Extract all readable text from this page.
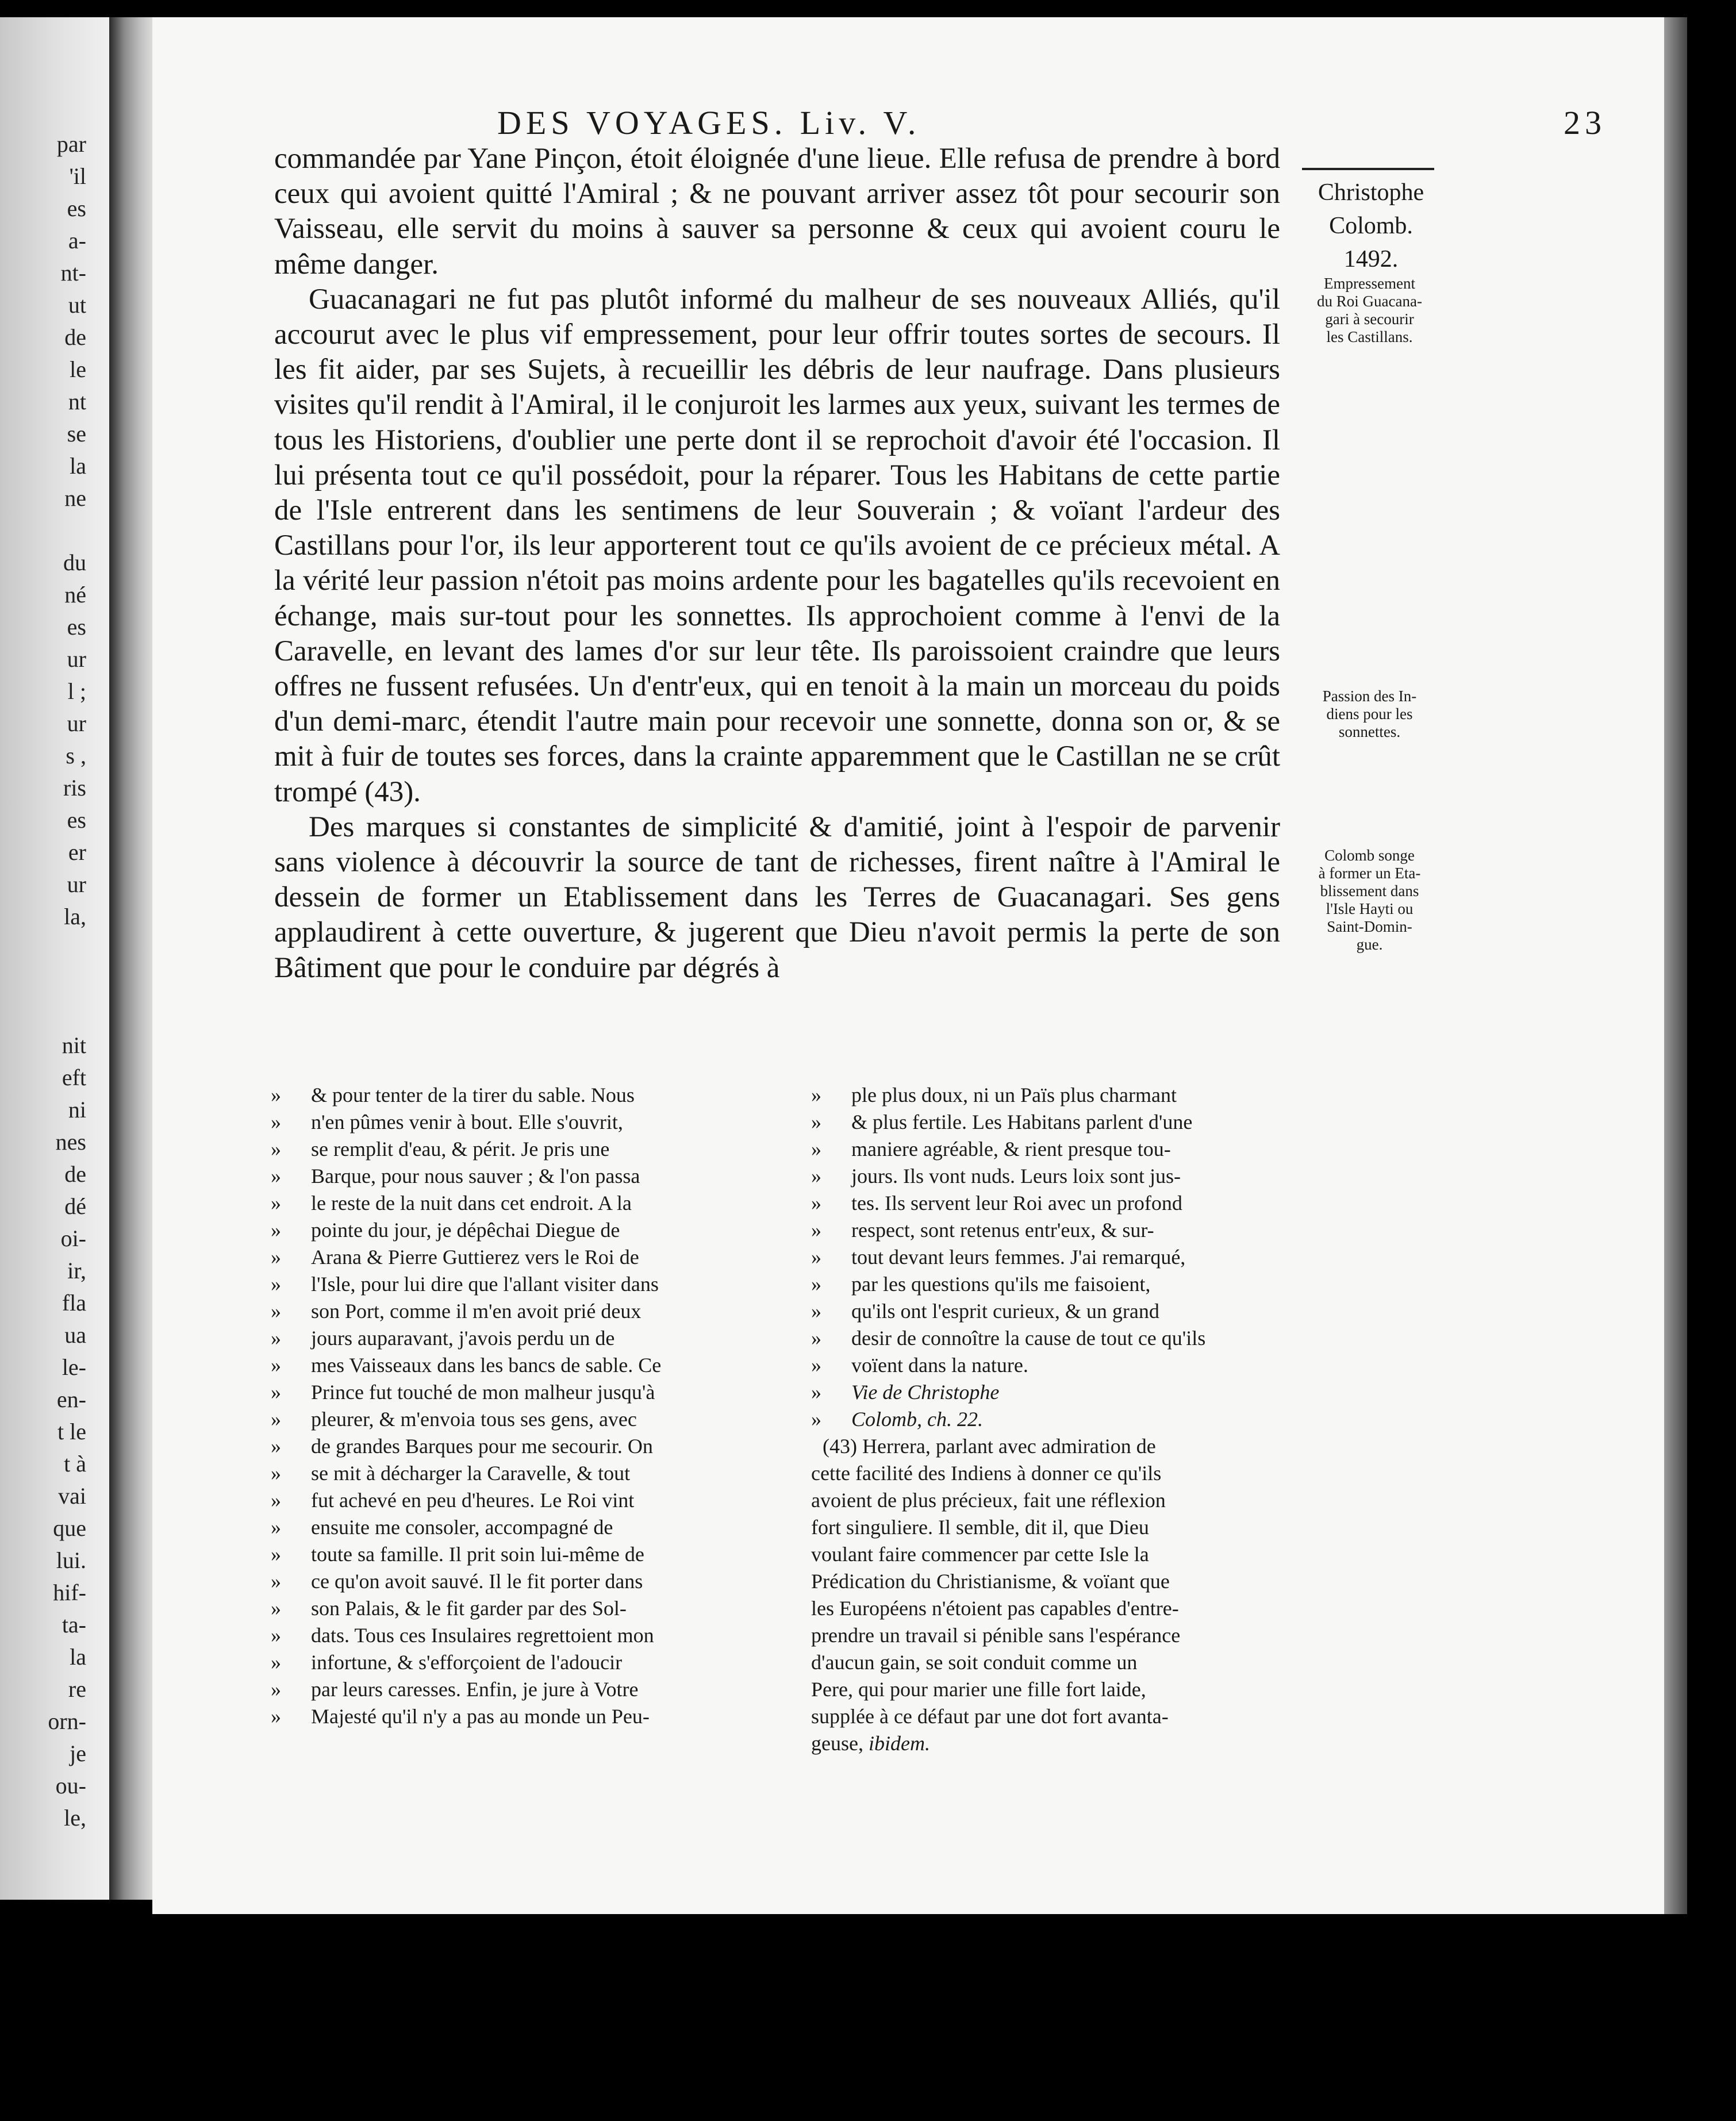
par
'il
es
a-
nt-
ut
de
le
nt
se
la
ne
du
né
es
ur
l ;
ur
s ,
ris
es
er
ur
la,
nit
eft
ni
nes
de
dé
oi-
ir,
fla
ua
le-
en-
t le
t à
vai
que
lui.
hif-
ta-
la
re
orn-
je
ou-
le,
DES VOYAGES. Liv. V.	23

commandée par Yane Pinçon, étoit éloignée d'une lieue. Elle refusa de prendre à bord ceux qui avoient quitté l'Amiral ; & ne pouvant arriver assez tôt pour secourir son Vaisseau, elle servit du moins à sauver sa personne & ceux qui avoient couru le même danger.

Guacanagari ne fut pas plutôt informé du malheur de ses nouveaux Alliés, qu'il accourut avec le plus vif empressement, pour leur offrir toutes sortes de secours. Il les fit aider, par ses Sujets, à recueillir les débris de leur naufrage. Dans plusieurs visites qu'il rendit à l'Amiral, il le conjuroit les larmes aux yeux, suivant les termes de tous les Historiens, d'oublier une perte dont il se reprochoit d'avoir été l'occasion. Il lui présenta tout ce qu'il possédoit, pour la réparer. Tous les Habitans de cette partie de l'Isle entrerent dans les sentimens de leur Souverain ; & voïant l'ardeur des Castillans pour l'or, ils leur apporterent tout ce qu'ils avoient de ce précieux métal. A la vérité leur passion n'étoit pas moins ardente pour les bagatelles qu'ils recevoient en échange, mais sur-tout pour les sonnettes. Ils approchoient comme à l'envi de la Caravelle, en levant des lames d'or sur leur tête. Ils paroissoient craindre que leurs offres ne fussent refusées. Un d'entr'eux, qui en tenoit à la main un morceau du poids d'un demi-marc, étendit l'autre main pour recevoir une sonnette, donna son or, & se mit à fuir de toutes ses forces, dans la crainte apparemment que le Castillan ne se crût trompé (43).

Des marques si constantes de simplicité & d'amitié, joint à l'espoir de parvenir sans violence à découvrir la source de tant de richesses, firent naître à l'Amiral le dessein de former un Etablissement dans les Terres de Guacanagari. Ses gens applaudirent à cette ouverture, & jugerent que Dieu n'avoit permis la perte de son Bâtiment que pour le conduire par dégrés à

Christophe
Colomb.
1492.
Empressement
du Roi Guacana-
gari à secourir
les Castillans.
Passion des In-
diens pour les
sonnettes.
Colomb songe
à former un Eta-
blissement dans
l'Isle Hayti ou
Saint-Domin-
gue.
»	& pour tenter de la tirer du sable. Nous
»	n'en pûmes venir à bout. Elle s'ouvrit,
»	se remplit d'eau, & périt. Je pris une
»	Barque, pour nous sauver ; & l'on passa
»	le reste de la nuit dans cet endroit. A la
»	pointe du jour, je dépêchai Diegue de
»	Arana & Pierre Guttierez vers le Roi de
»	l'Isle, pour lui dire que l'allant visiter dans
»	son Port, comme il m'en avoit prié deux
»	jours auparavant, j'avois perdu un de
»	mes Vaisseaux dans les bancs de sable. Ce
»	Prince fut touché de mon malheur jusqu'à
»	pleurer, & m'envoia tous ses gens, avec
»	de grandes Barques pour me secourir. On
»	se mit à décharger la Caravelle, & tout
»	fut achevé en peu d'heures. Le Roi vint
»	ensuite me consoler, accompagné de
»	toute sa famille. Il prit soin lui-même de
»	ce qu'on avoit sauvé. Il le fit porter dans
»	son Palais, & le fit garder par des Sol-
»	dats. Tous ces Insulaires regrettoient mon
»	infortune, & s'efforçoient de l'adoucir
»	par leurs caresses. Enfin, je jure à Votre
»	Majesté qu'il n'y a pas au monde un Peu-
»	ple plus doux, ni un Païs plus charmant
»	& plus fertile. Les Habitans parlent d'une
»	maniere agréable, & rient presque tou-
»	jours. Ils vont nuds. Leurs loix sont jus-
»	tes. Ils servent leur Roi avec un profond
»	respect, sont retenus entr'eux, & sur-
»	tout devant leurs femmes. J'ai remarqué,
»	par les questions qu'ils me faisoient,
»	qu'ils ont l'esprit curieux, & un grand
»	desir de connoître la cause de tout ce qu'ils
»	voïent dans la nature.
»	Vie de Christophe
»	Colomb, ch. 22.
(43) Herrera, parlant avec admiration de
cette facilité des Indiens à donner ce qu'ils
avoient de plus précieux, fait une réflexion
fort singuliere. Il semble, dit il, que Dieu
voulant faire commencer par cette Isle la
Prédication du Christianisme, & voïant que
les Européens n'étoient pas capables d'entre-
prendre un travail si pénible sans l'espérance
d'aucun gain, se soit conduit comme un
Pere, qui pour marier une fille fort laide,
supplée à ce défaut par une dot fort avanta-
geuse, ibidem.
